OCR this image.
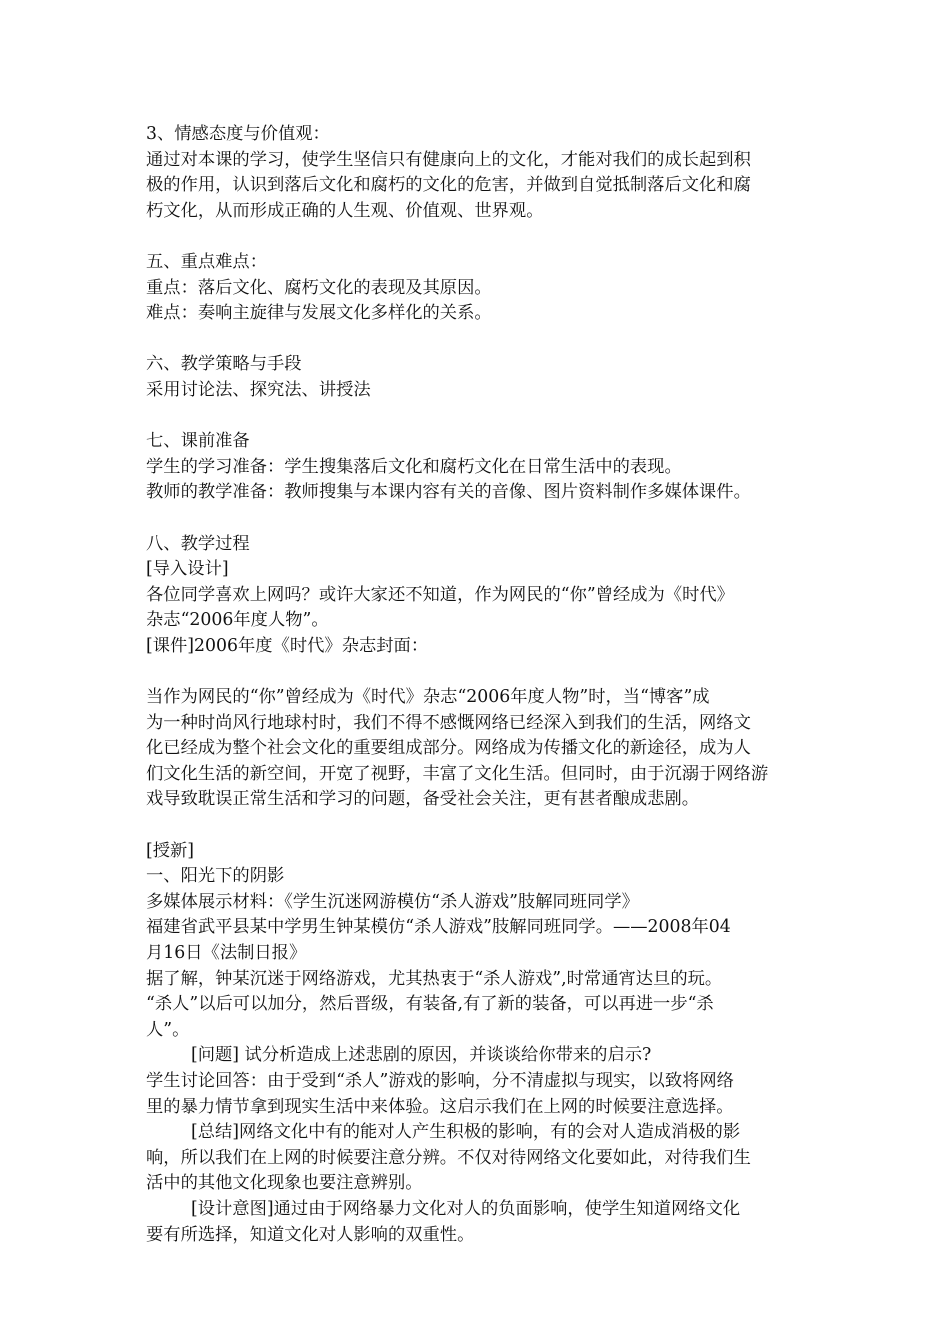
3、情感态度与价值观：
通过对本课的学习，使学生坚信只有健康向上的文化，才能对我们的成长起到积
极的作用，认识到落后文化和腐朽的文化的危害，并做到自觉抵制落后文化和腐
朽文化，从而形成正确的人生观、价值观、世界观。
五、重点难点：
重点：落后文化、腐朽文化的表现及其原因。
难点：奏响主旋律与发展文化多样化的关系。
六、教学策略与手段
采用讨论法、探究法、讲授法
七、课前准备
学生的学习准备：学生搜集落后文化和腐朽文化在日常生活中的表现。
教师的教学准备：教师搜集与本课内容有关的音像、图片资料制作多媒体课件。
八、教学过程
[导入设计]
各位同学喜欢上网吗？或许大家还不知道，作为网民的“你”曾经成为《时代》
杂志“2006年度人物”。
[课件]2006年度《时代》杂志封面：
当作为网民的“你”曾经成为《时代》杂志“2006年度人物”时，当“博客”成
为一种时尚风行地球村时，我们不得不感慨网络已经深入到我们的生活，网络文
化已经成为整个社会文化的重要组成部分。网络成为传播文化的新途径，成为人
们文化生活的新空间，开宽了视野，丰富了文化生活。但同时，由于沉溺于网络游
戏导致耽误正常生活和学习的问题，备受社会关注，更有甚者酿成悲剧。
[授新]
一、阳光下的阴影
多媒体展示材料：《学生沉迷网游模仿“杀人游戏”肢解同班同学》
福建省武平县某中学男生钟某模仿“杀人游戏”肢解同班同学。——2008年04
月16日《法制日报》
据了解，钟某沉迷于网络游戏，尤其热衷于“杀人游戏”,时常通宵达旦的玩。
“杀人”以后可以加分，然后晋级，有装备,有了新的装备，可以再进一步“杀
人”。
[问题] 试分析造成上述悲剧的原因，并谈谈给你带来的启示?
学生讨论回答：由于受到“杀人”游戏的影响，分不清虚拟与现实，以致将网络
里的暴力情节拿到现实生活中来体验。这启示我们在上网的时候要注意选择。
[总结]网络文化中有的能对人产生积极的影响，有的会对人造成消极的影
响，所以我们在上网的时候要注意分辨。不仅对待网络文化要如此，对待我们生
活中的其他文化现象也要注意辨别。
[设计意图]通过由于网络暴力文化对人的负面影响，使学生知道网络文化
要有所选择，知道文化对人影响的双重性。
